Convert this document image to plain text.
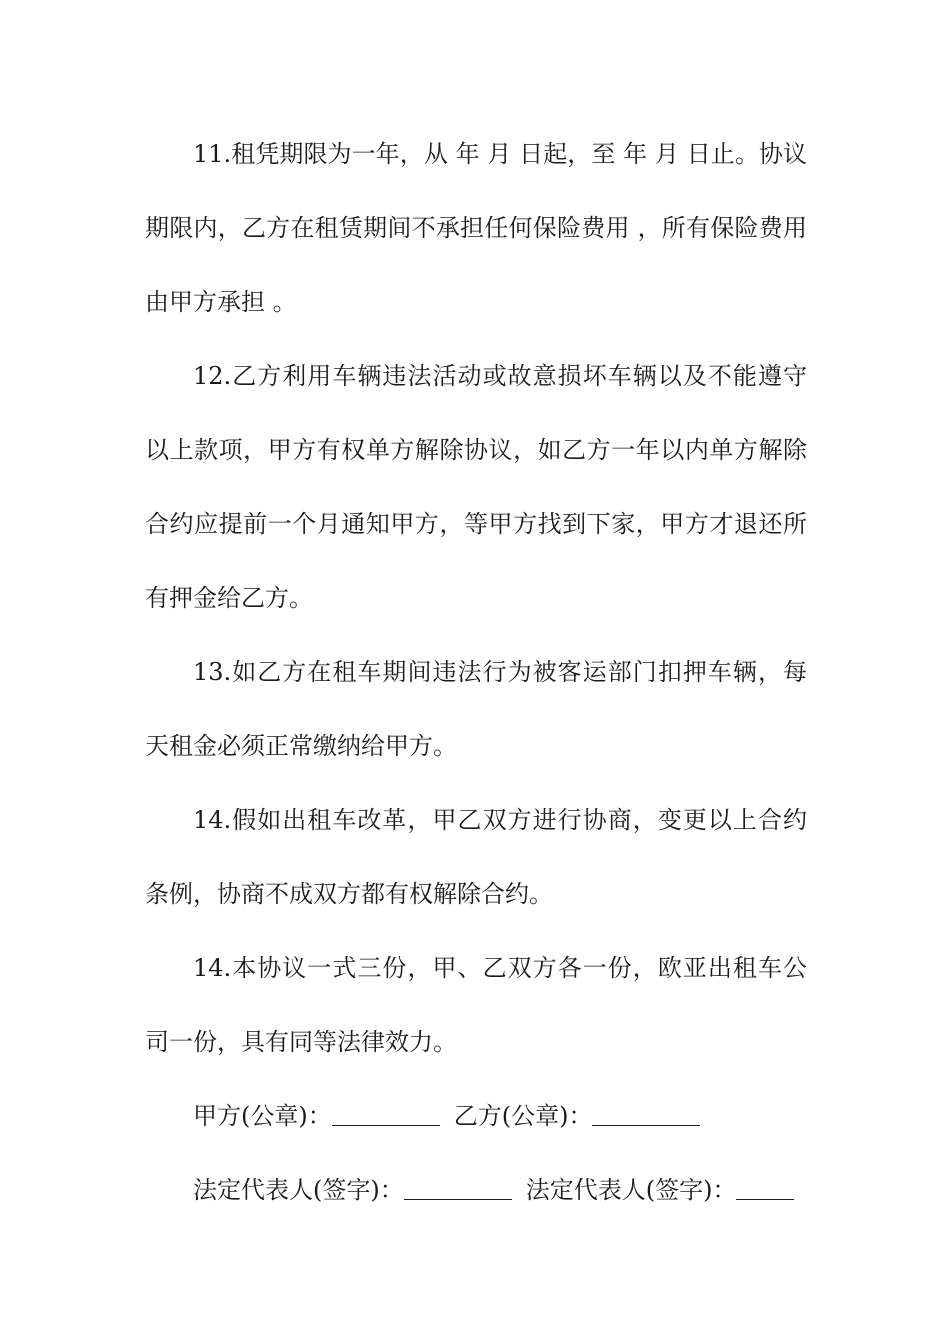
11.租凭期限为一年，从 年 月 日起，至 年 月 日止。协议期限内，乙方在租赁期间不承担任何保险费用 ，所有保险费用由甲方承担 。

12.乙方利用车辆违法活动或故意损坏车辆以及不能遵守以上款项，甲方有权单方解除协议，如乙方一年以内单方解除合约应提前一个月通知甲方，等甲方找到下家，甲方才退还所有押金给乙方。

13.如乙方在租车期间违法行为被客运部门扣押车辆，每天租金必须正常缴纳给甲方。

14.假如出租车改革，甲乙双方进行协商，变更以上合约条例，协商不成双方都有权解除合约。

14.本协议一式三份，甲、乙双方各一份，欧亚出租车公司一份，具有同等法律效力。

甲方(公章)：	乙方(公章)：
法定代表人(签字)：	法定代表人(签字)：
